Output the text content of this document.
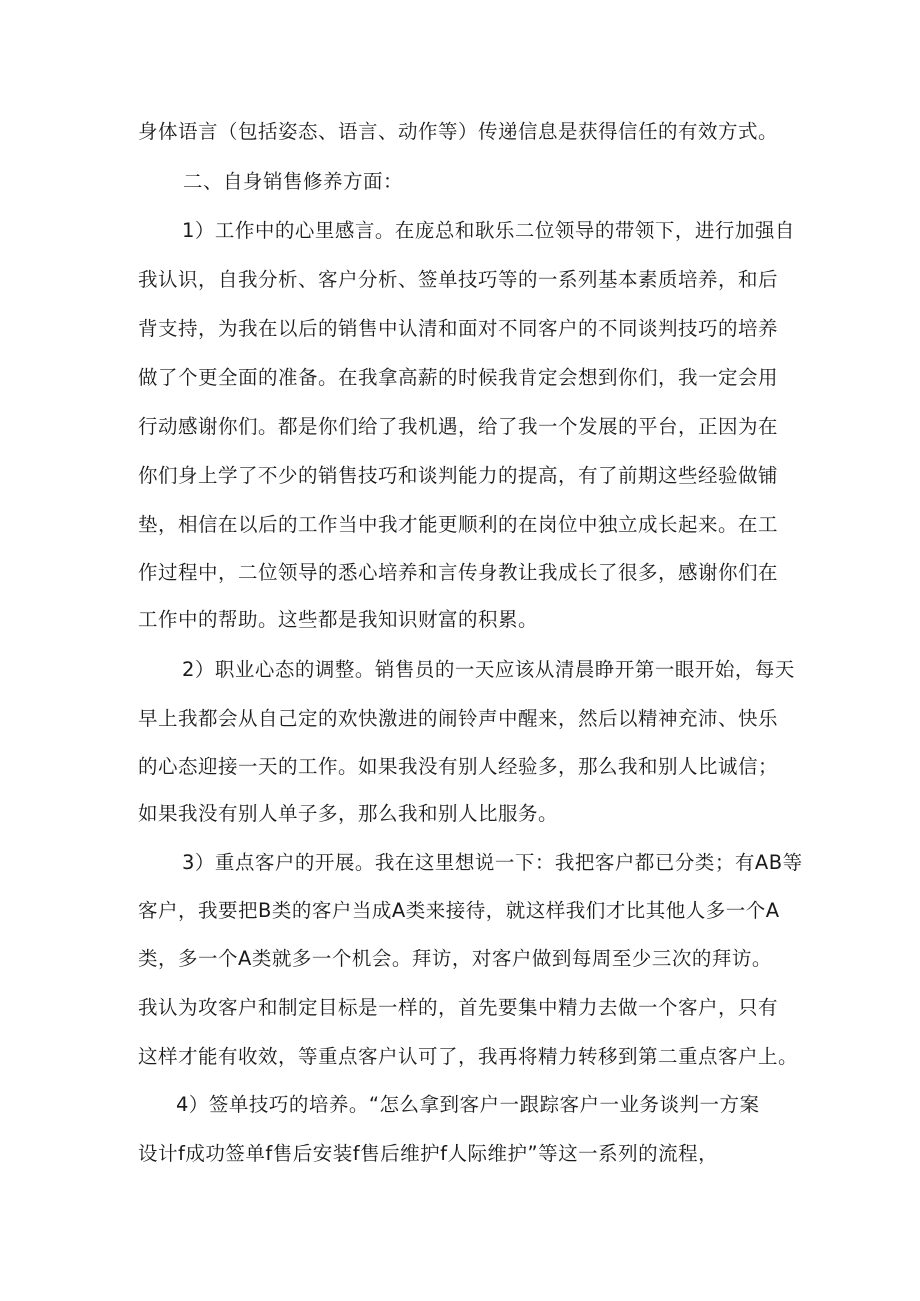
身体语言（包括姿态、语言、动作等）传递信息是获得信任的有效方式。
二、自身销售修养方面：
1）工作中的心里感言。在庞总和耿乐二位领导的带领下，进行加强自
我认识，自我分析、客户分析、签单技巧等的一系列基本素质培养，和后
背支持，为我在以后的销售中认清和面对不同客户的不同谈判技巧的培养
做了个更全面的准备。在我拿高薪的时候我肯定会想到你们，我一定会用
行动感谢你们。都是你们给了我机遇，给了我一个发展的平台，正因为在
你们身上学了不少的销售技巧和谈判能力的提高，有了前期这些经验做铺
垫，相信在以后的工作当中我才能更顺利的在岗位中独立成长起来。在工
作过程中，二位领导的悉心培养和言传身教让我成长了很多，感谢你们在
工作中的帮助。这些都是我知识财富的积累。
2）职业心态的调整。销售员的一天应该从清晨睁开第一眼开始，每天
早上我都会从自己定的欢快激进的闹铃声中醒来，然后以精神充沛、快乐
的心态迎接一天的工作。如果我没有别人经验多，那么我和别人比诚信；
如果我没有别人单子多，那么我和别人比服务。
3）重点客户的开展。我在这里想说一下：我把客户都已分类；有AB等
客户，我要把B类的客户当成A类来接待，就这样我们才比其他人多一个A
类，多一个A类就多一个机会。拜访，对客户做到每周至少三次的拜访。
我认为攻客户和制定目标是一样的，首先要集中精力去做一个客户，只有
这样才能有收效，等重点客户认可了，我再将精力转移到第二重点客户上。
4）签单技巧的培养。“怎么拿到客户一跟踪客户一业务谈判一方案
设计f成功签单f售后安装f售后维护f人际维护”等这一系列的流程，
